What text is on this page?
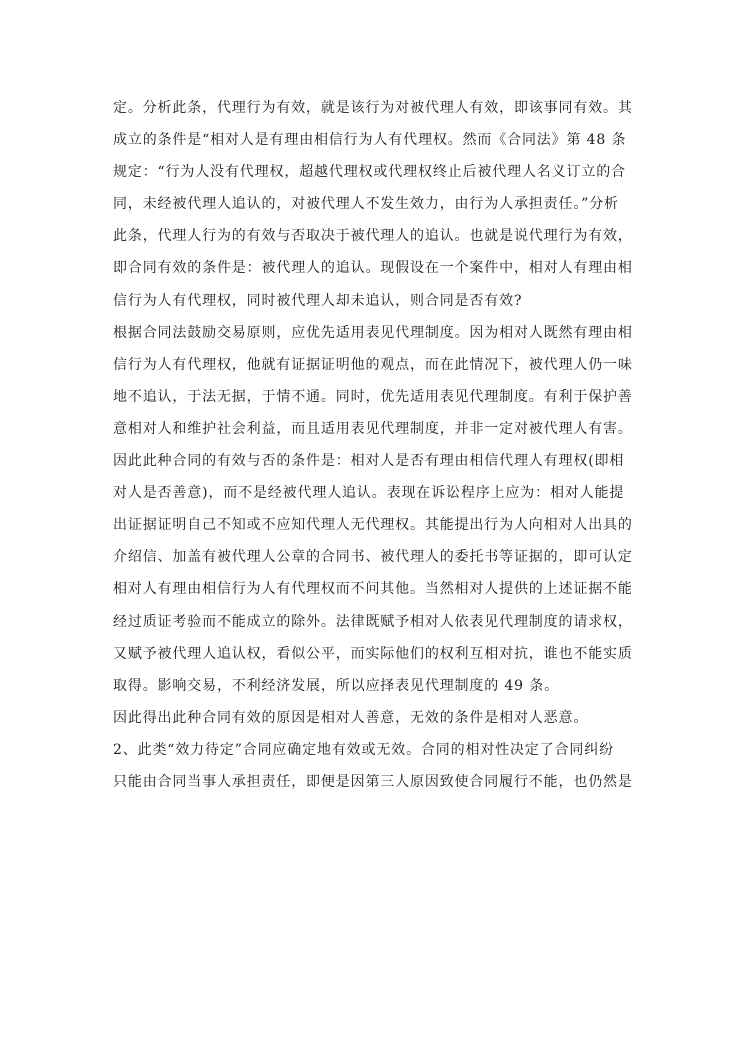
定。分析此条，代理行为有效，就是该行为对被代理人有效，即该事同有效。其
成立的条件是“相对人是有理由相信行为人有代理权。然而《合同法》第 48 条
规定：“行为人没有代理权，超越代理权或代理权终止后被代理人名义订立的合
同，未经被代理人追认的，对被代理人不发生效力，由行为人承担责任。”分析
此条，代理人行为的有效与否取决于被代理人的追认。也就是说代理行为有效，
即合同有效的条件是：被代理人的追认。现假设在一个案件中，相对人有理由相
信行为人有代理权，同时被代理人却未追认，则合同是否有效?
根据合同法鼓励交易原则，应优先适用表见代理制度。因为相对人既然有理由相
信行为人有代理权，他就有证据证明他的观点，而在此情况下，被代理人仍一味
地不追认，于法无据，于情不通。同时，优先适用表见代理制度。有利于保护善
意相对人和维护社会利益，而且适用表见代理制度，并非一定对被代理人有害。
因此此种合同的有效与否的条件是：相对人是否有理由相信代理人有理权(即相
对人是否善意)，而不是经被代理人追认。表现在诉讼程序上应为：相对人能提
出证据证明自己不知或不应知代理人无代理权。其能提出行为人向相对人出具的
介绍信、加盖有被代理人公章的合同书、被代理人的委托书等证据的，即可认定
相对人有理由相信行为人有代理权而不问其他。当然相对人提供的上述证据不能
经过质证考验而不能成立的除外。法律既赋予相对人依表见代理制度的请求权，
又赋予被代理人追认权，看似公平，而实际他们的权利互相对抗，谁也不能实质
取得。影响交易，不利经济发展，所以应择表见代理制度的 49 条。
因此得出此种合同有效的原因是相对人善意，无效的条件是相对人恶意。
2、此类“效力待定”合同应确定地有效或无效。合同的相对性决定了合同纠纷
只能由合同当事人承担责任，即便是因第三人原因致使合同履行不能，也仍然是
